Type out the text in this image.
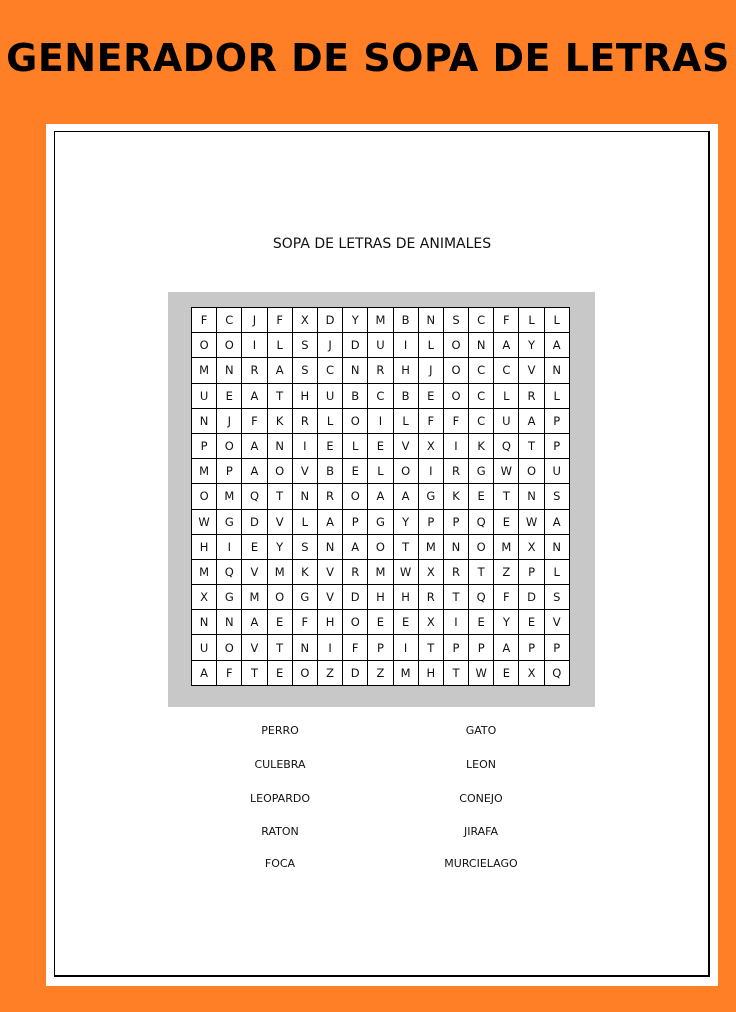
GENERADOR DE SOPA DE LETRAS
SOPA DE LETRAS DE ANIMALES
F	C	J	F	X	D	Y	M	B	N	S	C	F	L	L
O	O	I	L	S	J	D	U	I	L	O	N	A	Y	A
M	N	R	A	S	C	N	R	H	J	O	C	C	V	N
U	E	A	T	H	U	B	C	B	E	O	C	L	R	L
N	J	F	K	R	L	O	I	L	F	F	C	U	A	P
P	O	A	N	I	E	L	E	V	X	I	K	Q	T	P
M	P	A	O	V	B	E	L	O	I	R	G	W	O	U
O	M	Q	T	N	R	O	A	A	G	K	E	T	N	S
W	G	D	V	L	A	P	G	Y	P	P	Q	E	W	A
H	I	E	Y	S	N	A	O	T	M	N	O	M	X	N
M	Q	V	M	K	V	R	M	W	X	R	T	Z	P	L
X	G	M	O	G	V	D	H	H	R	T	Q	F	D	S
N	N	A	E	F	H	O	E	E	X	I	E	Y	E	V
U	O	V	T	N	I	F	P	I	T	P	P	A	P	P
A	F	T	E	O	Z	D	Z	M	H	T	W	E	X	Q
PERRO	GATO
CULEBRA	LEON
LEOPARDO	CONEJO
RATON	JIRAFA
FOCA	MURCIELAGO
